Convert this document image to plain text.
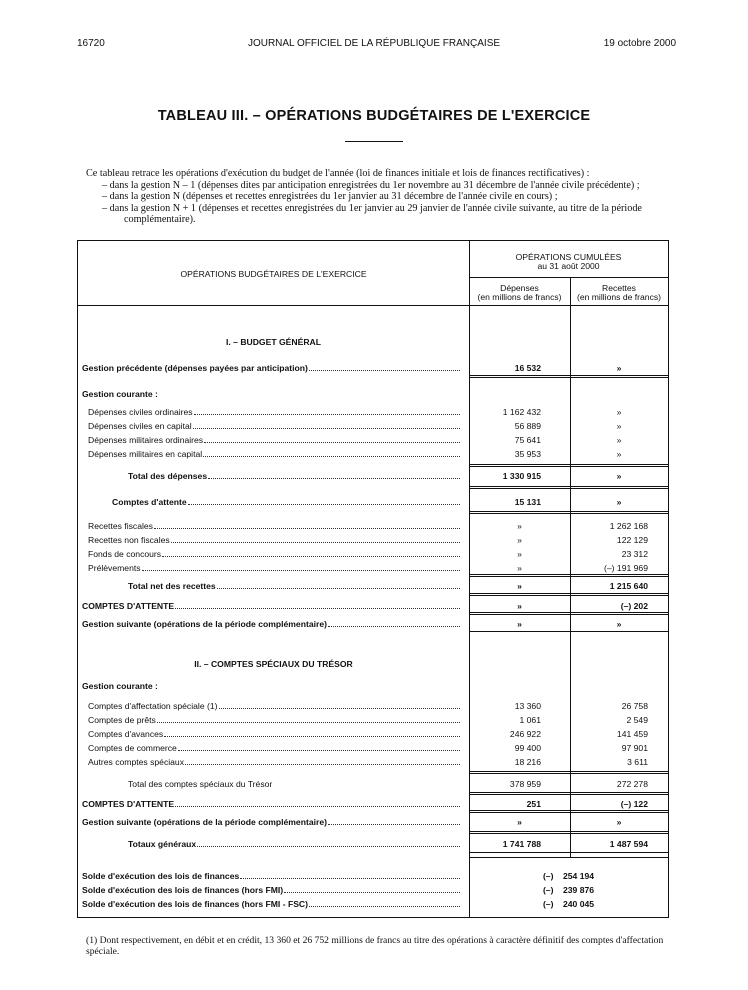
16720	JOURNAL OFFICIEL DE LA RÉPUBLIQUE FRANÇAISE	19 octobre 2000
TABLEAU III. – OPÉRATIONS BUDGÉTAIRES DE L'EXERCICE
Ce tableau retrace les opérations d'exécution du budget de l'année (loi de finances initiale et lois de finances rectificatives) :
– dans la gestion N – 1 (dépenses dites par anticipation enregistrées du 1er novembre au 31 décembre de l'année civile précédente) ;
– dans la gestion N (dépenses et recettes enregistrées du 1er janvier au 31 décembre de l'année civile en cours) ;
– dans la gestion N + 1 (dépenses et recettes enregistrées du 1er janvier au 29 janvier de l'année civile suivante, au titre de la période
complémentaire).
OPÉRATIONS BUDGÉTAIRES DE L'EXERCICE
OPÉRATIONS CUMULÉES
au 31 août 2000
Dépenses
(en millions de francs)
Recettes
(en millions de francs)
I. – BUDGET GÉNÉRAL
II. – COMPTES SPÉCIAUX DU TRÉSOR
Gestion précédente (dépenses payées par anticipation)	16 532	»
Gestion courante :
Dépenses civiles ordinaires	1 162 432	»
Dépenses civiles en capital	56 889	»
Dépenses militaires ordinaires	75 641	»
Dépenses militaires en capital	35 953	»
Total des dépenses	1 330 915	»
Comptes d'attente	15 131	»
Recettes fiscales	»	1 262 168
Recettes non fiscales	»	122 129
Fonds de concours	»	23 312
Prélèvements	»	(–) 191 969
Total net des recettes	»	1 215 640
COMPTES D'ATTENTE	»	(–) 202
Gestion suivante (opérations de la période complémentaire)	»	»
Gestion courante :
Comptes d'affectation spéciale (1)	13 360	26 758
Comptes de prêts	1 061	2 549
Comptes d'avances	246 922	141 459
Comptes de commerce	99 400	97 901
Autres comptes spéciaux	18 216	3 611
Total des comptes spéciaux du Trésor	378 959	272 278
COMPTES D'ATTENTE	251	(–) 122
Gestion suivante (opérations de la période complémentaire)	»	»
Totaux généraux	1 741 788	1 487 594
Solde d'exécution des lois de finances	(–)    254 194
Solde d'exécution des lois de finances (hors FMI)	(–)    239 876
Solde d'exécution des lois de finances (hors FMI - FSC)	(–)    240 045
(1) Dont respectivement, en débit et en crédit, 13 360 et 26 752 millions de francs au titre des opérations à caractère définitif des comptes d'affectation spéciale.
